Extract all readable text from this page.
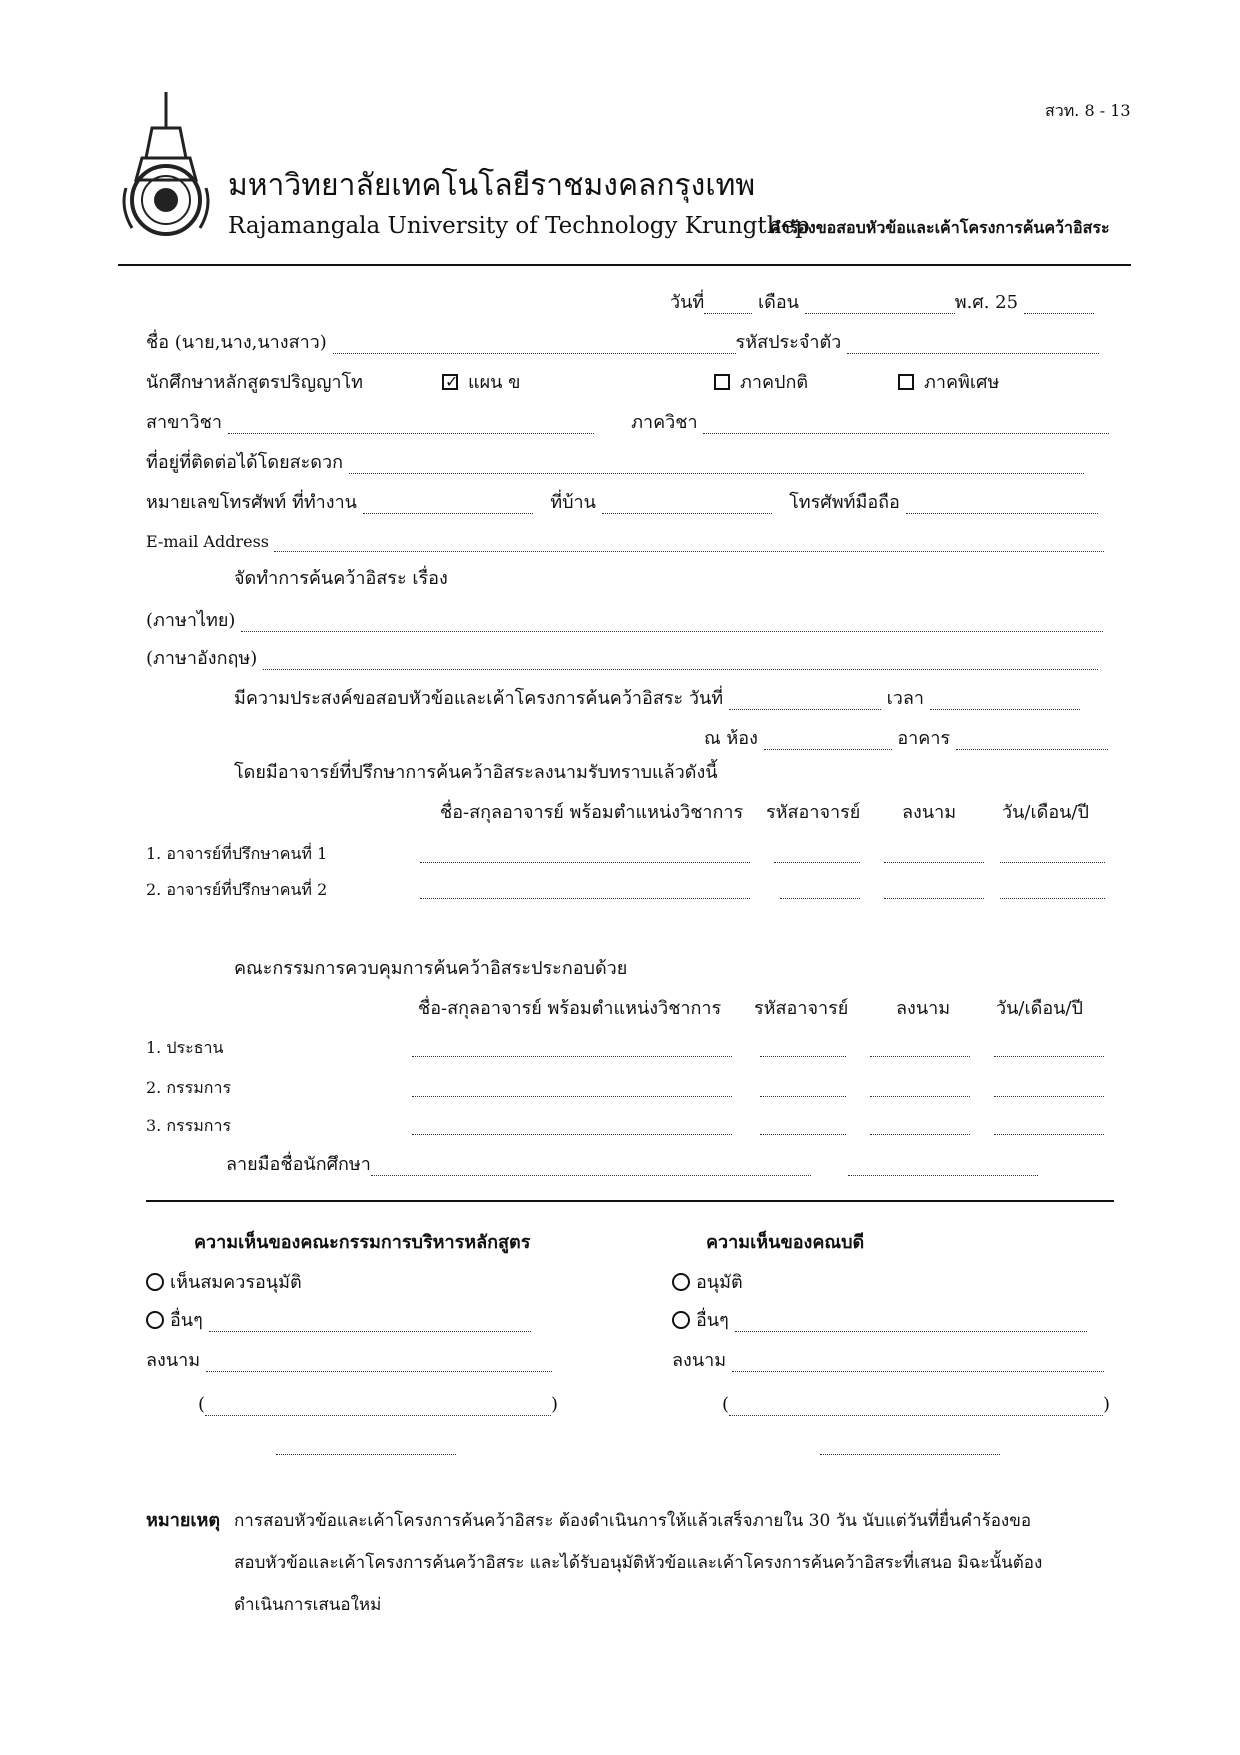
สวท. 8 - 13
มหาวิทยาลัยเทคโนโลยีราชมงคลกรุงเทพ
Rajamangala University of Technology Krungthep
คำร้องขอสอบหัวข้อและเค้าโครงการค้นคว้าอิสระ
วันที่	เดือน	พ.ศ. 25
ชื่อ (นาย,นาง,นางสาว)	รหัสประจำตัว
นักศึกษาหลักสูตรปริญญาโท
✓	แผน ข	ภาคปกติ	ภาคพิเศษ
สาขาวิชา	ภาควิชา
ที่อยู่ที่ติดต่อได้โดยสะดวก
หมายเลขโทรศัพท์ ที่ทำงาน	ที่บ้าน	โทรศัพท์มือถือ
E-mail Address
จัดทำการค้นคว้าอิสระ เรื่อง
(ภาษาไทย)
(ภาษาอังกฤษ)
มีความประสงค์ขอสอบหัวข้อและเค้าโครงการค้นคว้าอิสระ วันที่	เวลา
ณ ห้อง	อาคาร
โดยมีอาจารย์ที่ปรึกษาการค้นคว้าอิสระลงนามรับทราบแล้วดังนี้
ชื่อ-สกุลอาจารย์ พร้อมตำแหน่งวิชาการ รหัสอาจารย์ ลงนาม	วัน/เดือน/ปี
1. อาจารย์ที่ปรึกษาคนที่ 1
2. อาจารย์ที่ปรึกษาคนที่ 2
คณะกรรมการควบคุมการค้นคว้าอิสระประกอบด้วย
ชื่อ-สกุลอาจารย์ พร้อมตำแหน่งวิชาการ รหัสอาจารย์	ลงนาม	วัน/เดือน/ปี
1. ประธาน
2. กรรมการ
3. กรรมการ
ลายมือชื่อนักศึกษา
ความเห็นของคณะกรรมการบริหารหลักสูตร
เห็นสมควรอนุมัติ
อื่นๆ
ลงนาม
(	)
ความเห็นของคณบดี
อนุมัติ
อื่นๆ
ลงนาม
(	)
หมายเหตุ การสอบหัวข้อและเค้าโครงการค้นคว้าอิสระ ต้องดำเนินการให้แล้วเสร็จภายใน 30 วัน นับแต่วันที่ยื่นคำร้องขอ
สอบหัวข้อและเค้าโครงการค้นคว้าอิสระ และได้รับอนุมัติหัวข้อและเค้าโครงการค้นคว้าอิสระที่เสนอ มิฉะนั้นต้อง
ดำเนินการเสนอใหม่
